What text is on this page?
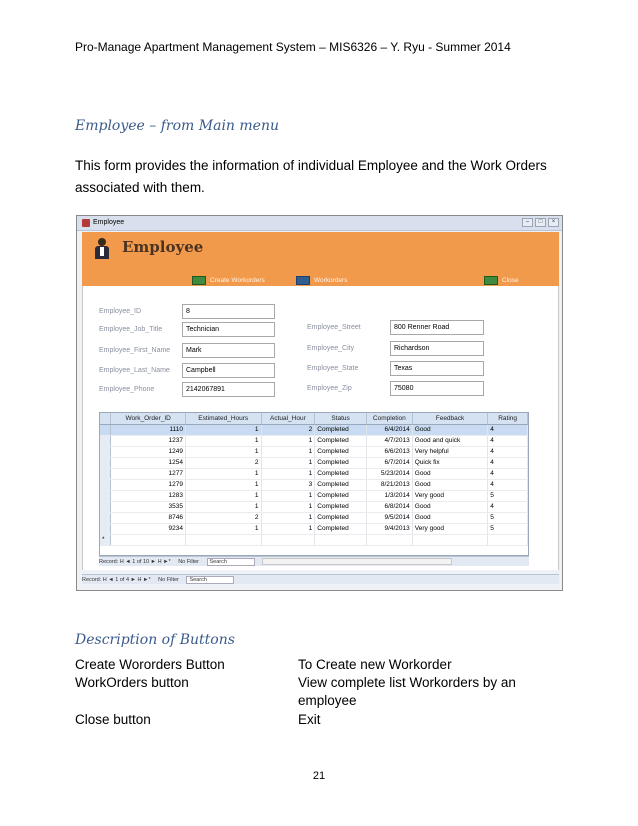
Pro-Manage Apartment Management System – MIS6326 – Y. Ryu - Summer 2014
Employee – from Main menu
This form provides the information of individual Employee and the Work Orders associated with them.
Employee	–	□	×
Employee
Create Workorders	Workorders	Close
Employee_ID	8
Employee_Job_Title	Technician
Employee_First_Name	Mark
Employee_Last_Name	Campbell
Employee_Phone	2142067891
Employee_Street	800 Renner Road
Employee_City	Richardson
Employee_State	Texas
Employee_Zip	75080
	Work_Order_ID	Estimated_Hours	Actual_Hour	Status	Completion	Feedback	Rating
	1110	1	2	Completed	6/4/2014	Good	4
	1237	1	1	Completed	4/7/2013	Good and quick	4
	1249	1	1	Completed	6/6/2013	Very helpful	4
	1254	2	1	Completed	6/7/2014	Quick fix	4
	1277	1	1	Completed	5/23/2014	Good	4
	1279	1	3	Completed	8/21/2013	Good	4
	1283	1	1	Completed	1/3/2014	Very good	5
	3535	1	1	Completed	6/8/2014	Good	4
	8746	2	1	Completed	9/5/2014	Good	5
	9234	1	1	Completed	9/4/2013	Very good	5
*							
Record: H ◄ 1 of 10 ► H ►* No Filter Search
Record: H ◄ 1 of 4 ► H ►* No Filter Search
Description of Buttons
Create Wororders Button	To Create new Workorder
WorkOrders button	View complete list Workorders by an employee
Close button	Exit
21
